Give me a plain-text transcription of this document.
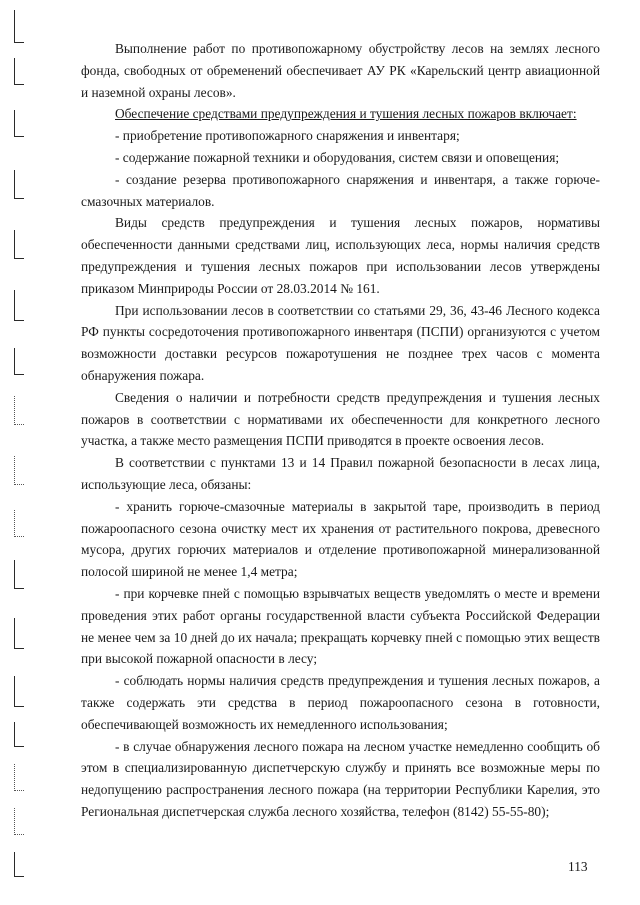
Выполнение работ по противопожарному обустройству лесов на землях лесного фонда, свободных от обременений обеспечивает АУ РК «Карельский центр авиационной и наземной охраны лесов».

Обеспечение средствами предупреждения и тушения лесных пожаров включает:

- приобретение противопожарного снаряжения и инвентаря;

- содержание пожарной техники и оборудования, систем связи и оповещения;

- создание резерва противопожарного снаряжения и инвентаря, а также горюче-смазочных материалов.

Виды средств предупреждения и тушения лесных пожаров, нормативы обеспеченности данными средствами лиц, использующих леса, нормы наличия средств предупреждения и тушения лесных пожаров при использовании лесов утверждены приказом Минприроды России от 28.03.2014 № 161.

При использовании лесов в соответствии со статьями 29, 36, 43-46 Лесного кодекса РФ пункты сосредоточения противопожарного инвентаря (ПСПИ) организуются с учетом возможности доставки ресурсов пожаротушения не позднее трех часов с момента обнаружения пожара.

Сведения о наличии и потребности средств предупреждения и тушения лесных пожаров в соответствии с нормативами их обеспеченности для конкретного лесного участка, а также место размещения ПСПИ приводятся в проекте освоения лесов.

В соответствии с пунктами 13 и 14 Правил пожарной безопасности в лесах лица, использующие леса, обязаны:

- хранить горюче-смазочные материалы в закрытой таре, производить в период пожароопасного сезона очистку мест их хранения от растительного покрова, древесного мусора, других горючих материалов и отделение противопожарной минерализованной полосой шириной не менее 1,4 метра;

- при корчевке пней с помощью взрывчатых веществ уведомлять о месте и времени проведения этих работ органы государственной власти субъекта Российской Федерации не менее чем за 10 дней до их начала; прекращать корчевку пней с помощью этих веществ при высокой пожарной опасности в лесу;

- соблюдать нормы наличия средств предупреждения и тушения лесных пожаров, а также содержать эти средства в период пожароопасного сезона в готовности, обеспечивающей возможность их немедленного использования;

- в случае обнаружения лесного пожара на лесном участке немедленно сообщить об этом в специализированную диспетчерскую службу и принять все возможные меры по недопущению распространения лесного пожара (на территории Республики Карелия, это Региональная диспетчерская служба лесного хозяйства, телефон (8142) 55-55-80);

113
